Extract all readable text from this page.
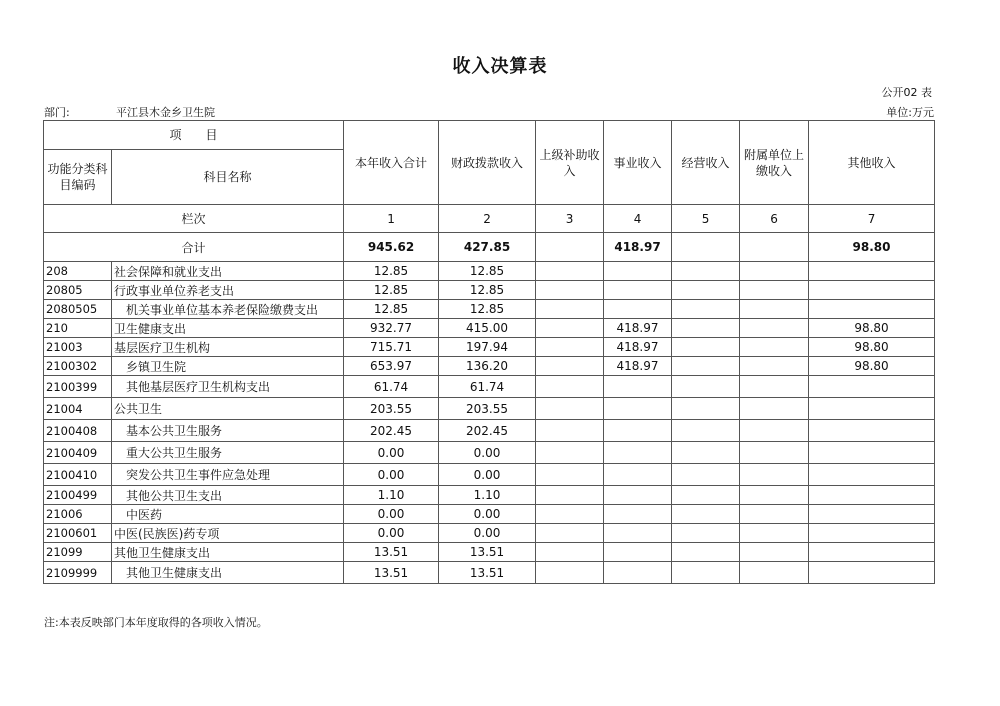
收入决算表
公开02 表
部门:	平江县木金乡卫生院	单位:万元
项　　目		本年收入合计	财政拨款收入	上级补助收入	事业收入	经营收入	附属单位上缴收入	其他收入
功能分类科目编码	科目名称							
栏次		1	2	3	4	5	6	7
合计		945.62	427.85		418.97			98.80
208	社会保障和就业支出	12.85	12.85					
20805	行政事业单位养老支出	12.85	12.85					
2080505	机关事业单位基本养老保险缴费支出	12.85	12.85					
210	卫生健康支出	932.77	415.00		418.97			98.80
21003	基层医疗卫生机构	715.71	197.94		418.97			98.80
2100302	乡镇卫生院	653.97	136.20		418.97			98.80
2100399	其他基层医疗卫生机构支出	61.74	61.74					
21004	公共卫生	203.55	203.55					
2100408	基本公共卫生服务	202.45	202.45					
2100409	重大公共卫生服务	0.00	0.00					
2100410	突发公共卫生事件应急处理	0.00	0.00					
2100499	其他公共卫生支出	1.10	1.10					
21006	中医药	0.00	0.00					
2100601	中医(民族医)药专项	0.00	0.00					
21099	其他卫生健康支出	13.51	13.51					
2109999	其他卫生健康支出	13.51	13.51					
注:本表反映部门本年度取得的各项收入情况。
